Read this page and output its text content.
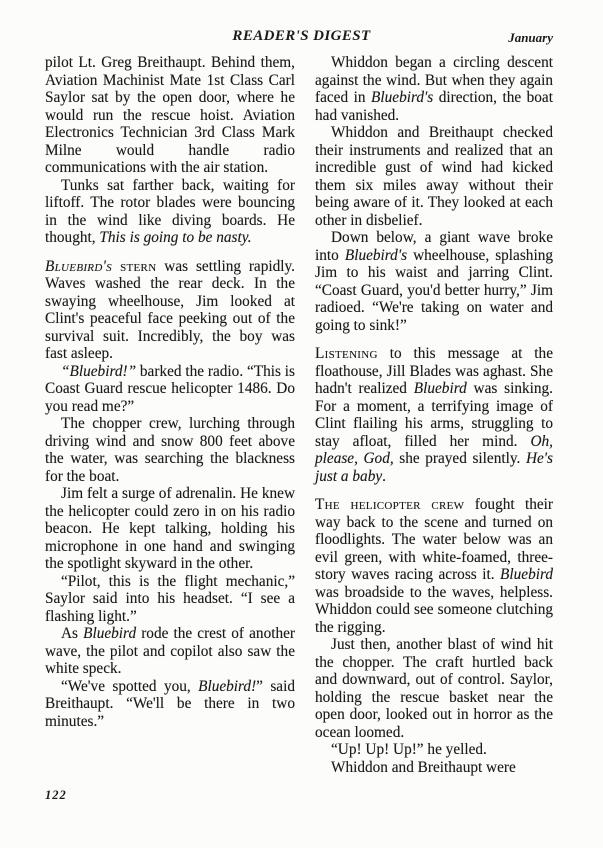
READER'S DIGEST	January

pilot Lt. Greg Breithaupt. Behind them, Aviation Machinist Mate 1st Class Carl Saylor sat by the open door, where he would run the rescue hoist. Aviation Electronics Technician 3rd Class Mark Milne would handle radio communications with the air station.

Tunks sat farther back, waiting for liftoff. The rotor blades were bouncing in the wind like diving boards. He thought, This is going to be nasty.

Bluebird's stern was settling rapidly. Waves washed the rear deck. In the swaying wheelhouse, Jim looked at Clint's peaceful face peeking out of the survival suit. Incredibly, the boy was fast asleep.

“Bluebird!” barked the radio. “This is Coast Guard rescue helicopter 1486. Do you read me?”

The chopper crew, lurching through driving wind and snow 800 feet above the water, was searching the blackness for the boat.

Jim felt a surge of adrenalin. He knew the helicopter could zero in on his radio beacon. He kept talking, holding his microphone in one hand and swinging the spotlight skyward in the other.

“Pilot, this is the flight mechanic,” Saylor said into his headset. “I see a flashing light.”

As Bluebird rode the crest of another wave, the pilot and copilot also saw the white speck.

“We've spotted you, Bluebird!” said Breithaupt. “We'll be there in two minutes.”

Whiddon began a circling descent against the wind. But when they again faced in Bluebird's direction, the boat had vanished.

Whiddon and Breithaupt checked their instruments and realized that an incredible gust of wind had kicked them six miles away without their being aware of it. They looked at each other in disbelief.

Down below, a giant wave broke into Bluebird's wheelhouse, splashing Jim to his waist and jarring Clint. “Coast Guard, you'd better hurry,” Jim radioed. “We're taking on water and going to sink!”

Listening to this message at the floathouse, Jill Blades was aghast. She hadn't realized Bluebird was sinking. For a moment, a terrifying image of Clint flailing his arms, struggling to stay afloat, filled her mind. Oh, please, God, she prayed silently. He's just a baby.

The helicopter crew fought their way back to the scene and turned on floodlights. The water below was an evil green, with white-foamed, three-story waves racing across it. Bluebird was broadside to the waves, helpless. Whiddon could see someone clutching the rigging.

Just then, another blast of wind hit the chopper. The craft hurtled back and downward, out of control. Saylor, holding the rescue basket near the open door, looked out in horror as the ocean loomed.

“Up! Up! Up!” he yelled.

Whiddon and Breithaupt were

122
